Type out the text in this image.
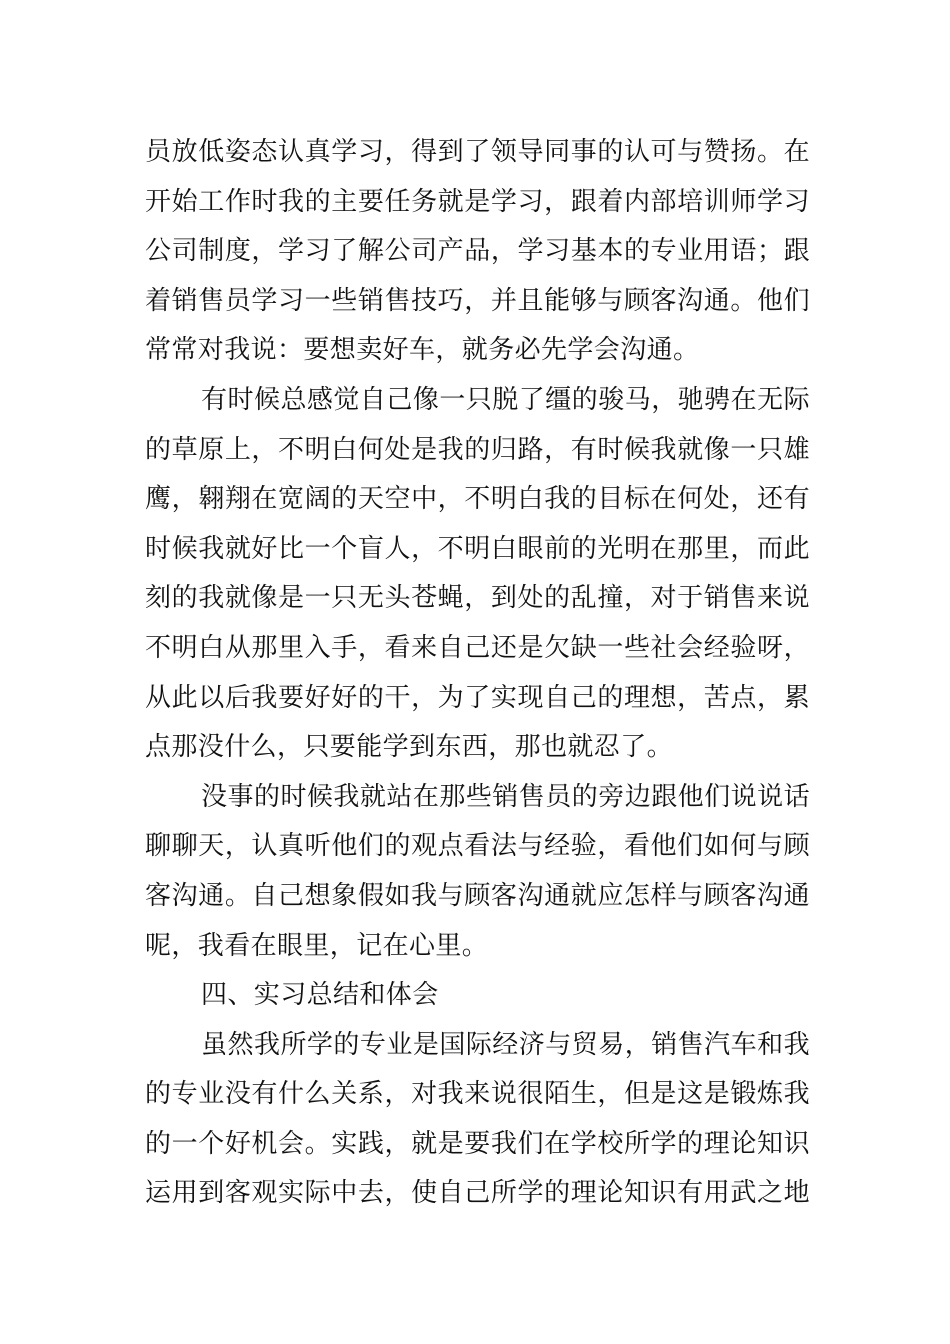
员放低姿态认真学习，得到了领导同事的认可与赞扬。在
开始工作时我的主要任务就是学习，跟着内部培训师学习
公司制度，学习了解公司产品，学习基本的专业用语；跟
着销售员学习一些销售技巧，并且能够与顾客沟通。他们
常常对我说：要想卖好车，就务必先学会沟通。
有时候总感觉自己像一只脱了缰的骏马，驰骋在无际
的草原上，不明白何处是我的归路，有时候我就像一只雄
鹰，翱翔在宽阔的天空中，不明白我的目标在何处，还有
时候我就好比一个盲人，不明白眼前的光明在那里，而此
刻的我就像是一只无头苍蝇，到处的乱撞，对于销售来说
不明白从那里入手，看来自己还是欠缺一些社会经验呀，
从此以后我要好好的干，为了实现自己的理想，苦点，累
点那没什么，只要能学到东西，那也就忍了。
没事的时候我就站在那些销售员的旁边跟他们说说话
聊聊天，认真听他们的观点看法与经验，看他们如何与顾
客沟通。自己想象假如我与顾客沟通就应怎样与顾客沟通
呢，我看在眼里，记在心里。
四、实习总结和体会
虽然我所学的专业是国际经济与贸易，销售汽车和我
的专业没有什么关系，对我来说很陌生，但是这是锻炼我
的一个好机会。实践，就是要我们在学校所学的理论知识
运用到客观实际中去，使自己所学的理论知识有用武之地
